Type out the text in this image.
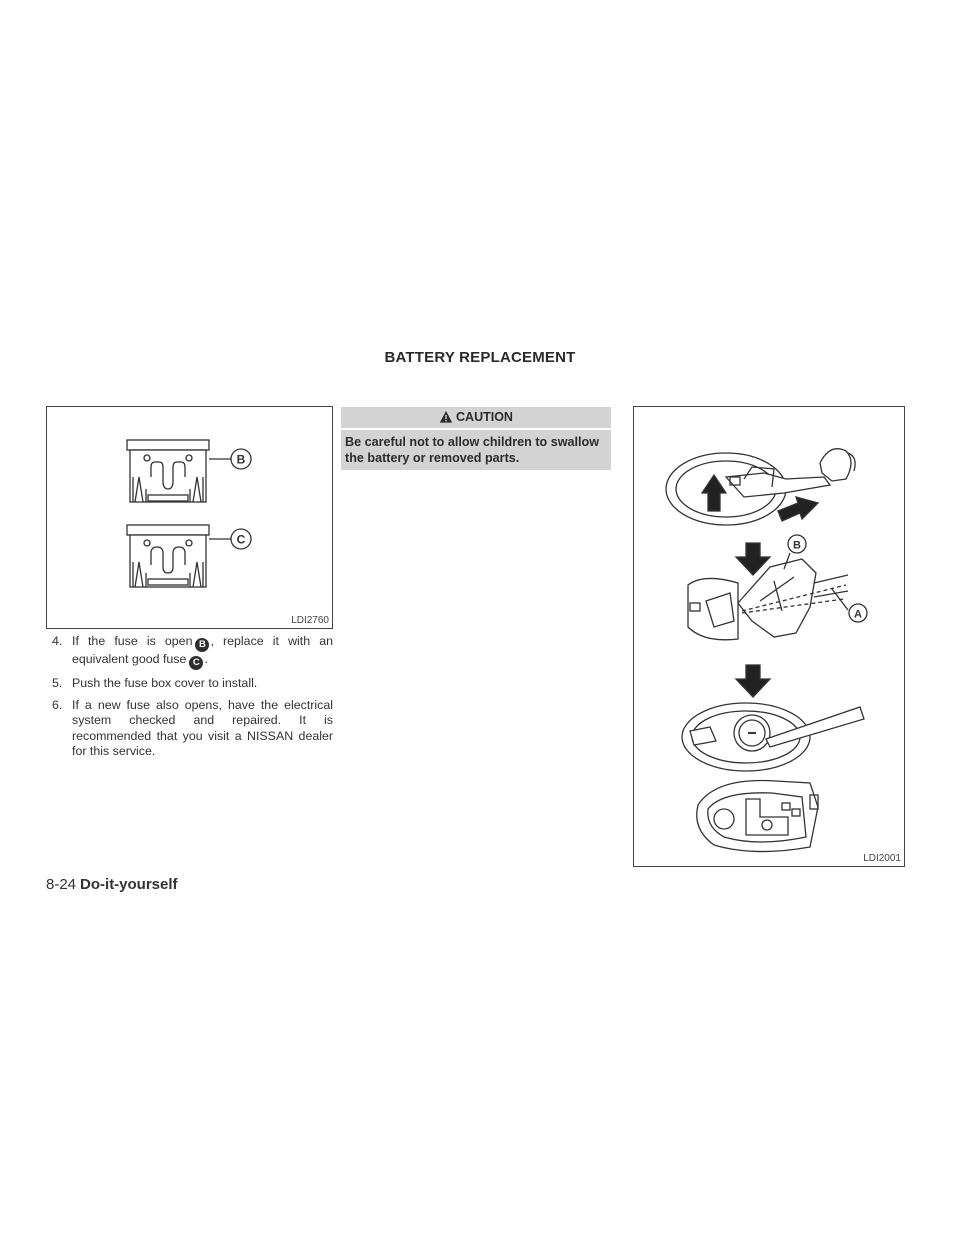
BATTERY REPLACEMENT
B
C
LDI2760
4. If the fuse is open B , replace it with an equivalent good fuse C .
5. Push the fuse box cover to install.
6. If a new fuse also opens, have the electrical system checked and repaired. It is recommended that you visit a NISSAN dealer for this service.
CAUTION
Be careful not to allow children to swallow the battery or removed parts.
B
A
LDI2001
8-24 Do-it-yourself
